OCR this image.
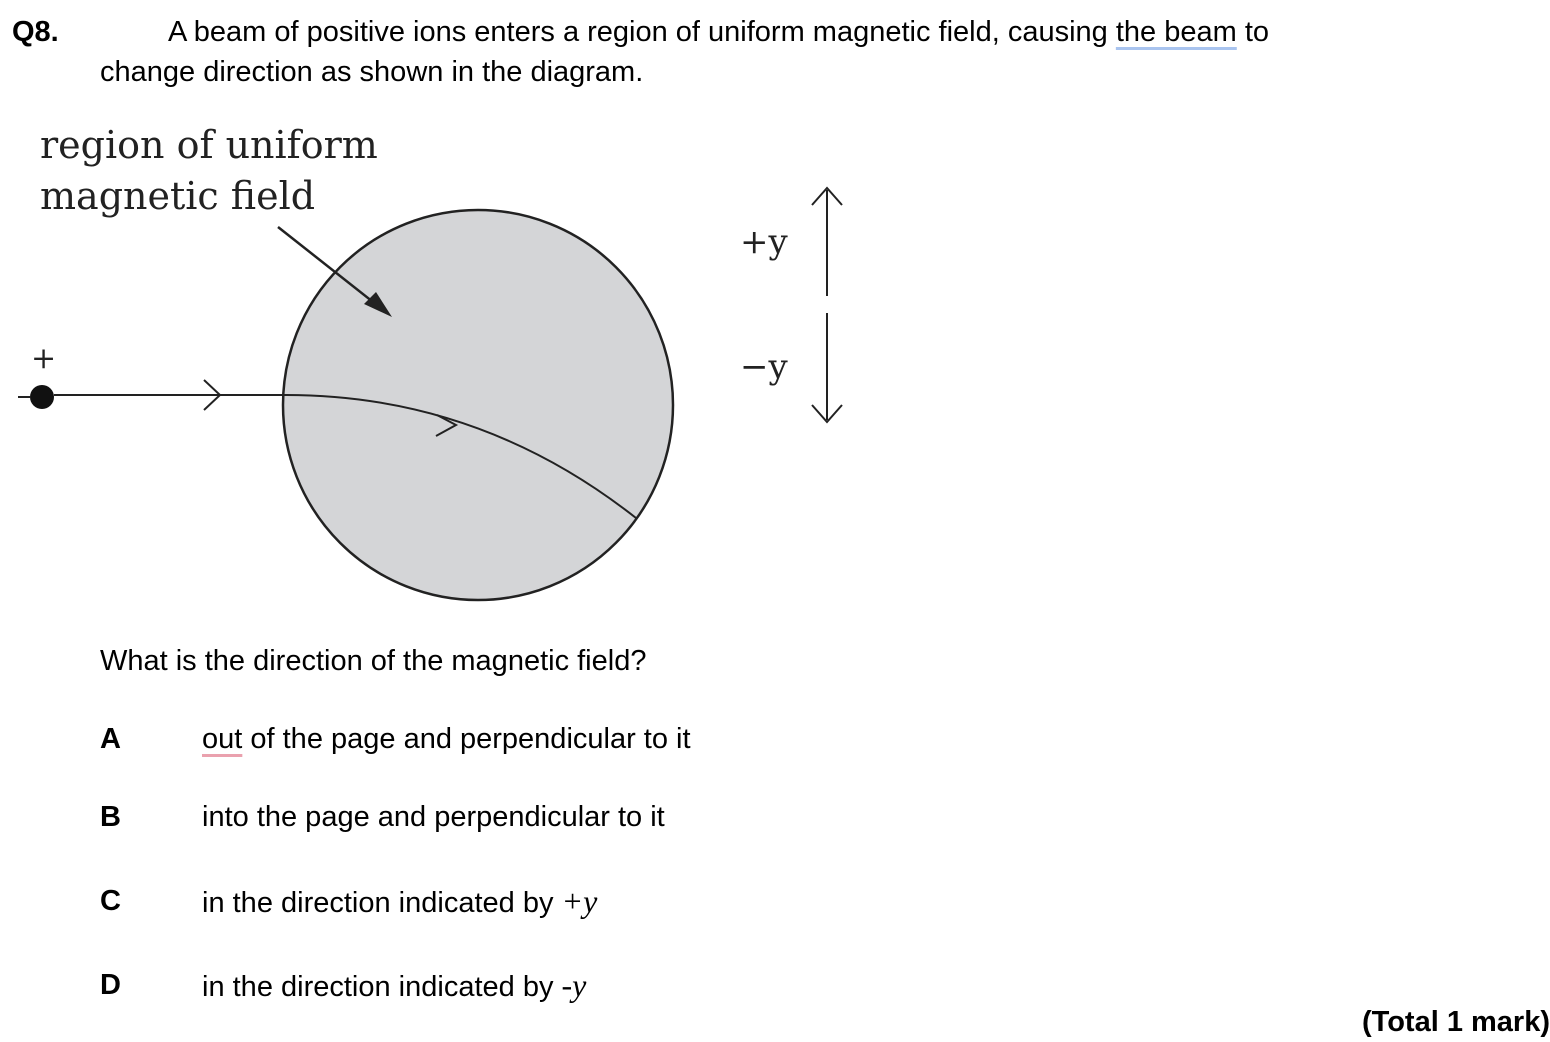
Q8.	A beam of positive ions enters a region of uniform magnetic field, causing the beam to
change direction as shown in the diagram.
region of uniform
magnetic field
+
+y
−y
What is the direction of the magnetic field?
A	out of the page and perpendicular to it
B	into the page and perpendicular to it
C	in the direction indicated by +y
D	in the direction indicated by -y
(Total 1 mark)
